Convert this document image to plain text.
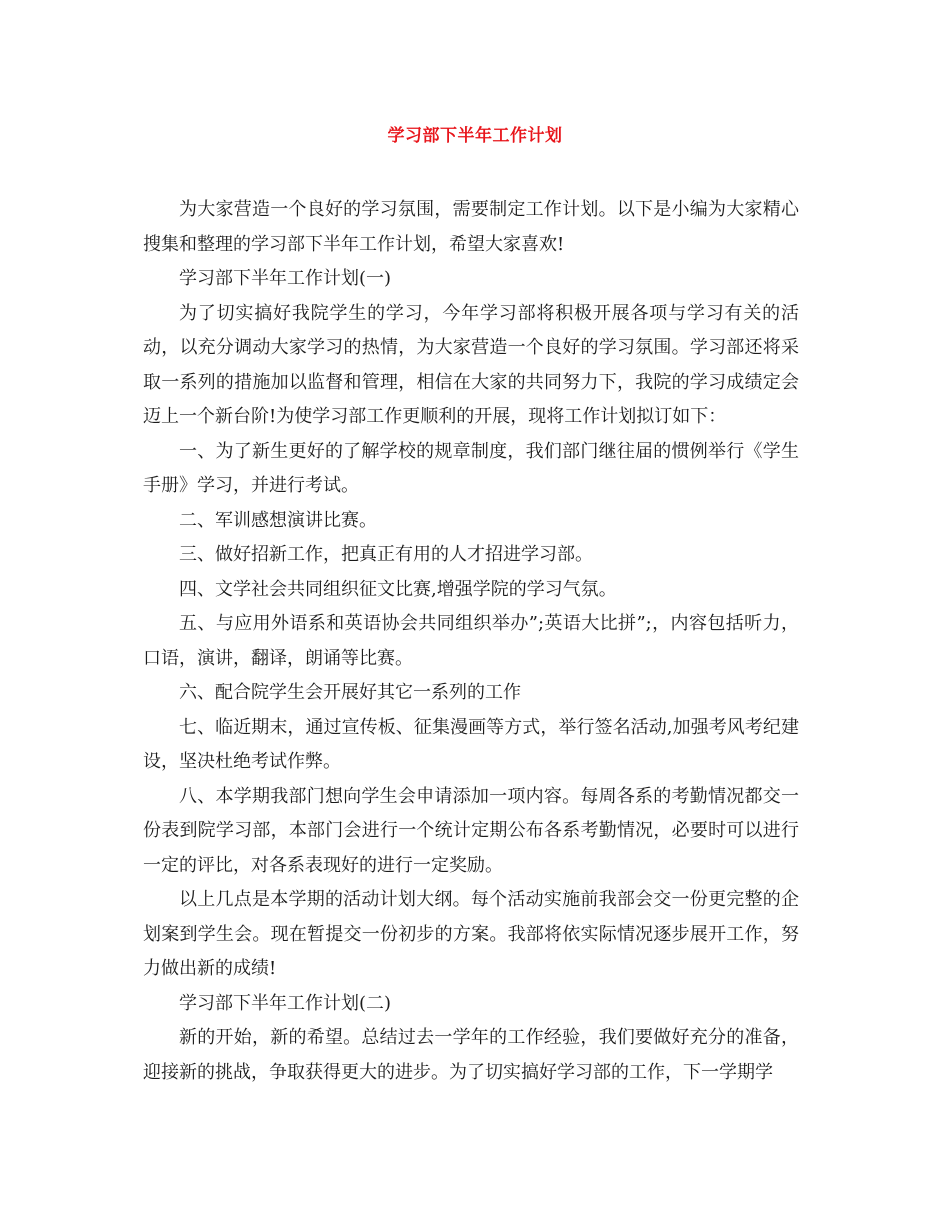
学习部下半年工作计划

为大家营造一个良好的学习氛围，需要制定工作计划。以下是小编为大家精心搜集和整理的学习部下半年工作计划，希望大家喜欢!

学习部下半年工作计划(一)

为了切实搞好我院学生的学习，今年学习部将积极开展各项与学习有关的活动，以充分调动大家学习的热情，为大家营造一个良好的学习氛围。学习部还将采取一系列的措施加以监督和管理，相信在大家的共同努力下，我院的学习成绩定会迈上一个新台阶!为使学习部工作更顺利的开展，现将工作计划拟订如下：

一、为了新生更好的了解学校的规章制度，我们部门继往届的惯例举行《学生手册》学习，并进行考试。

二、军训感想演讲比赛。

三、做好招新工作，把真正有用的人才招进学习部。

四、文学社会共同组织征文比赛,增强学院的学习气氛。

五、与应用外语系和英语协会共同组织举办”;英语大比拼”;，内容包括听力，口语，演讲，翻译，朗诵等比赛。

六、配合院学生会开展好其它一系列的工作

七、临近期末，通过宣传板、征集漫画等方式，举行签名活动,加强考风考纪建设，坚决杜绝考试作弊。

八、本学期我部门想向学生会申请添加一项内容。每周各系的考勤情况都交一份表到院学习部，本部门会进行一个统计定期公布各系考勤情况，必要时可以进行一定的评比，对各系表现好的进行一定奖励。

以上几点是本学期的活动计划大纲。每个活动实施前我部会交一份更完整的企划案到学生会。现在暂提交一份初步的方案。我部将依实际情况逐步展开工作，努力做出新的成绩!

学习部下半年工作计划(二)

新的开始，新的希望。总结过去一学年的工作经验，我们要做好充分的准备，迎接新的挑战，争取获得更大的进步。为了切实搞好学习部的工作，下一学期学
